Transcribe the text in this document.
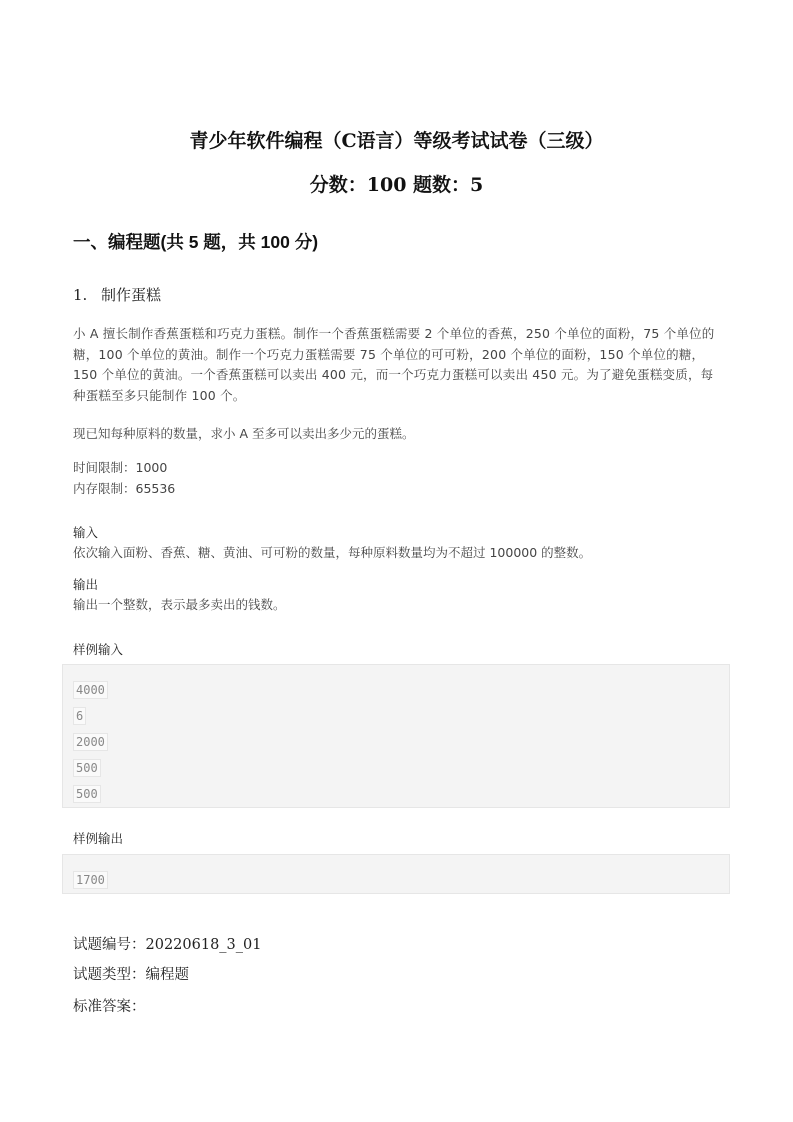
青少年软件编程（C语言）等级考试试卷（三级）
分数：100 题数：5
一、编程题(共 5 题，共 100 分)
1. 制作蛋糕

小 A 擅长制作香蕉蛋糕和巧克力蛋糕。制作一个香蕉蛋糕需要 2 个单位的香蕉，250 个单位的面粉，75 个单位的糖，100 个单位的黄油。制作一个巧克力蛋糕需要 75 个单位的可可粉，200 个单位的面粉，150 个单位的糖，150 个单位的黄油。一个香蕉蛋糕可以卖出 400 元，而一个巧克力蛋糕可以卖出 450 元。为了避免蛋糕变质，每种蛋糕至多只能制作 100 个。

现已知每种原料的数量，求小 A 至多可以卖出多少元的蛋糕。

时间限制：1000
内存限制：65536
输入
依次输入面粉、香蕉、糖、黄油、可可粉的数量，每种原料数量均为不超过 100000 的整数。
输出
输出一个整数，表示最多卖出的钱数。
样例输入
4000
6
2000
500
500
样例输出
1700
试题编号：20220618_3_01
试题类型：编程题
标准答案：
